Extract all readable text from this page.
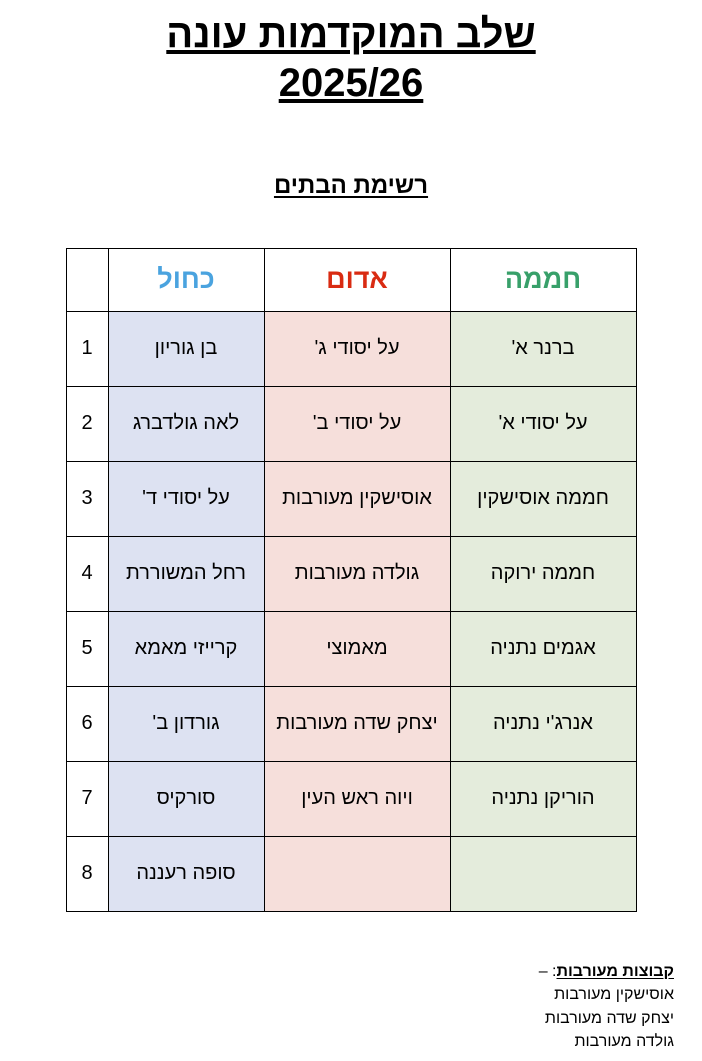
שלב המוקדמות עונה
2025/26
רשימת הבתים
חממה	אדום	כחול	
ברנר א'	על יסודי ג'	בן גוריון	1
על יסודי א'	על יסודי ב'	לאה גולדברג	2
חממה אוסישקין	אוסישקין מעורבות	על יסודי ד'	3
חממה ירוקה	גולדה מעורבות	רחל המשוררת	4
אגמים נתניה	מאמוצי	קרייזי מאמא	5
אנרג'י נתניה	יצחק שדה מעורבות	גורדון ב'	6
הוריקן נתניה	ויוה ראש העין	סורקיס	7
		סופה רעננה	8
קבוצות מעורבות: –
אוסישקין מעורבות
יצחק שדה מעורבות
גולדה מעורבות
